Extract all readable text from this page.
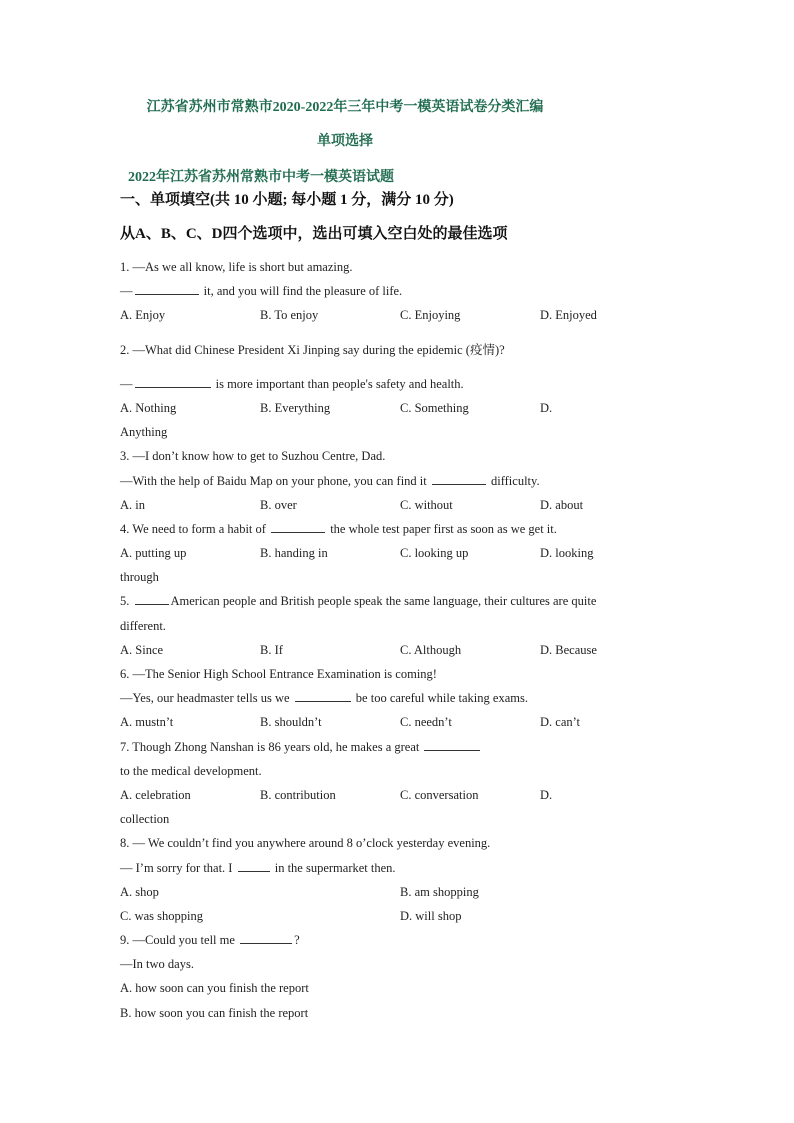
江苏省苏州市常熟市2020-2022年三年中考一模英语试卷分类汇编
单项选择
2022年江苏省苏州常熟市中考一模英语试题
一、单项填空(共 10 小题; 每小题 1 分，满分 10 分)
从A、B、C、D四个选项中，选出可填入空白处的最佳选项
1. —As we all know, life is short but amazing.
—	it, and you will find the pleasure of life.
A. Enjoy	B. To enjoy	C. Enjoying	D. Enjoyed
2. —What did Chinese President Xi Jinping say during the epidemic (疫情)?
—	is more important than people's safety and health.
A. Nothing	B. Everything	C. Something	D.
Anything
3. —I don’t know how to get to Suzhou Centre, Dad.
—With the help of Baidu Map on your phone, you can find it	difficulty.
A. in	B. over	C. without	D. about
4. We need to form a habit of	the whole test paper first as soon as we get it.
A. putting up	B. handing in	C. looking up	D. looking
through
5.	American people and British people speak the same language, their cultures are quite
different.
A. Since	B. If	C. Although	D. Because
6. —The Senior High School Entrance Examination is coming!
—Yes, our headmaster tells us we	be too careful while taking exams.
A. mustn’t	B. shouldn’t	C. needn’t	D. can’t
7. Though Zhong Nanshan is 86 years old, he makes a great
to the medical development.
A. celebration	B. contribution	C. conversation	D.
collection
8. — We couldn’t find you anywhere around 8 o’clock yesterday evening.
— I’m sorry for that. I	in the supermarket then.
A. shop	B. am shopping
C. was shopping	D. will shop
9. —Could you tell me	?
—In two days.
A. how soon can you finish the report
B. how soon you can finish the report
